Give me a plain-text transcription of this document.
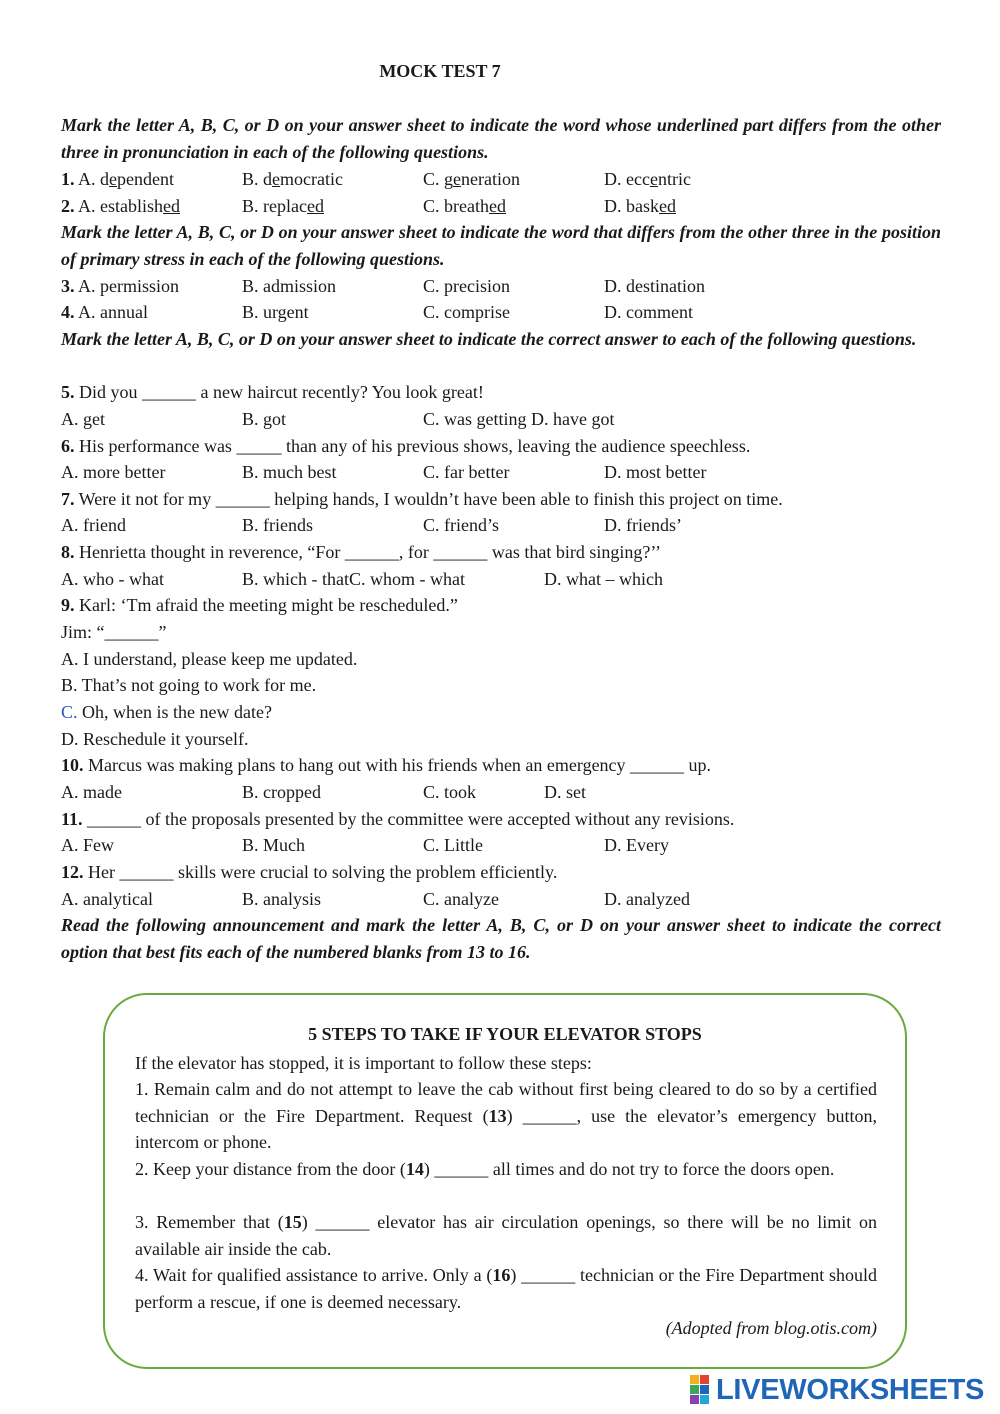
MOCK TEST 7
Mark the letter A, B, C, or D on your answer sheet to indicate the word whose underlined part differs from the other three in pronunciation in each of the following questions.
1. A. dependent	B. democratic	C. generation	D. eccentric
2. A. established	B. replaced	C. breathed	D. basked
Mark the letter A, B, C, or D on your answer sheet to indicate the word that differs from the other three in the position of primary stress in each of the following questions.
3. A. permission	B. admission	C. precision	D. destination
4. A. annual	B. urgent	C. comprise	D. comment
Mark the letter A, B, C, or D on your answer sheet to indicate the correct answer to each of the following questions.
5. Did you ______ a new haircut recently? You look great!
A. get	B. got	C. was getting D. have got
6. His performance was _____ than any of his previous shows, leaving the audience speechless.
A. more better	B. much best	C. far better	D. most better
7. Were it not for my ______ helping hands, I wouldn’t have been able to finish this project on time.
A. friend	B. friends	C. friend’s	D. friends’
8. Henrietta thought in reverence, “For ______, for ______ was that bird singing?’’
A. who - what	B. which - thatC. whom - what	D. what – which
9. Karl: ‘Tm afraid the meeting might be rescheduled.”
Jim: “______”
A. I understand, please keep me updated.
B. That’s not going to work for me.
C. Oh, when is the new date?
D. Reschedule it yourself.
10. Marcus was making plans to hang out with his friends when an emergency ______ up.
A. made	B. cropped	C. took	D. set
11. ______ of the proposals presented by the committee were accepted without any revisions.
A. Few	B. Much	C. Little	D. Every
12. Her ______ skills were crucial to solving the problem efficiently.
A. analytical	B. analysis	C. analyze	D. analyzed
Read the following announcement and mark the letter A, B, C, or D on your answer sheet to indicate the correct option that best fits each of the numbered blanks from 13 to 16.
5 STEPS TO TAKE IF YOUR ELEVATOR STOPS
If the elevator has stopped, it is important to follow these steps:
1. Remain calm and do not attempt to leave the cab without first being cleared to do so by a certified technician or the Fire Department. Request (13) ______, use the elevator’s emergency button, intercom or phone.
2. Keep your distance from the door (14) ______ all times and do not try to force the doors open.
3. Remember that (15) ______ elevator has air circulation openings, so there will be no limit on available air inside the cab.
4. Wait for qualified assistance to arrive. Only a (16) ______ technician or the Fire Department should perform a rescue, if one is deemed necessary.
(Adopted from blog.otis.com)
LIVEWORKSHEETS
